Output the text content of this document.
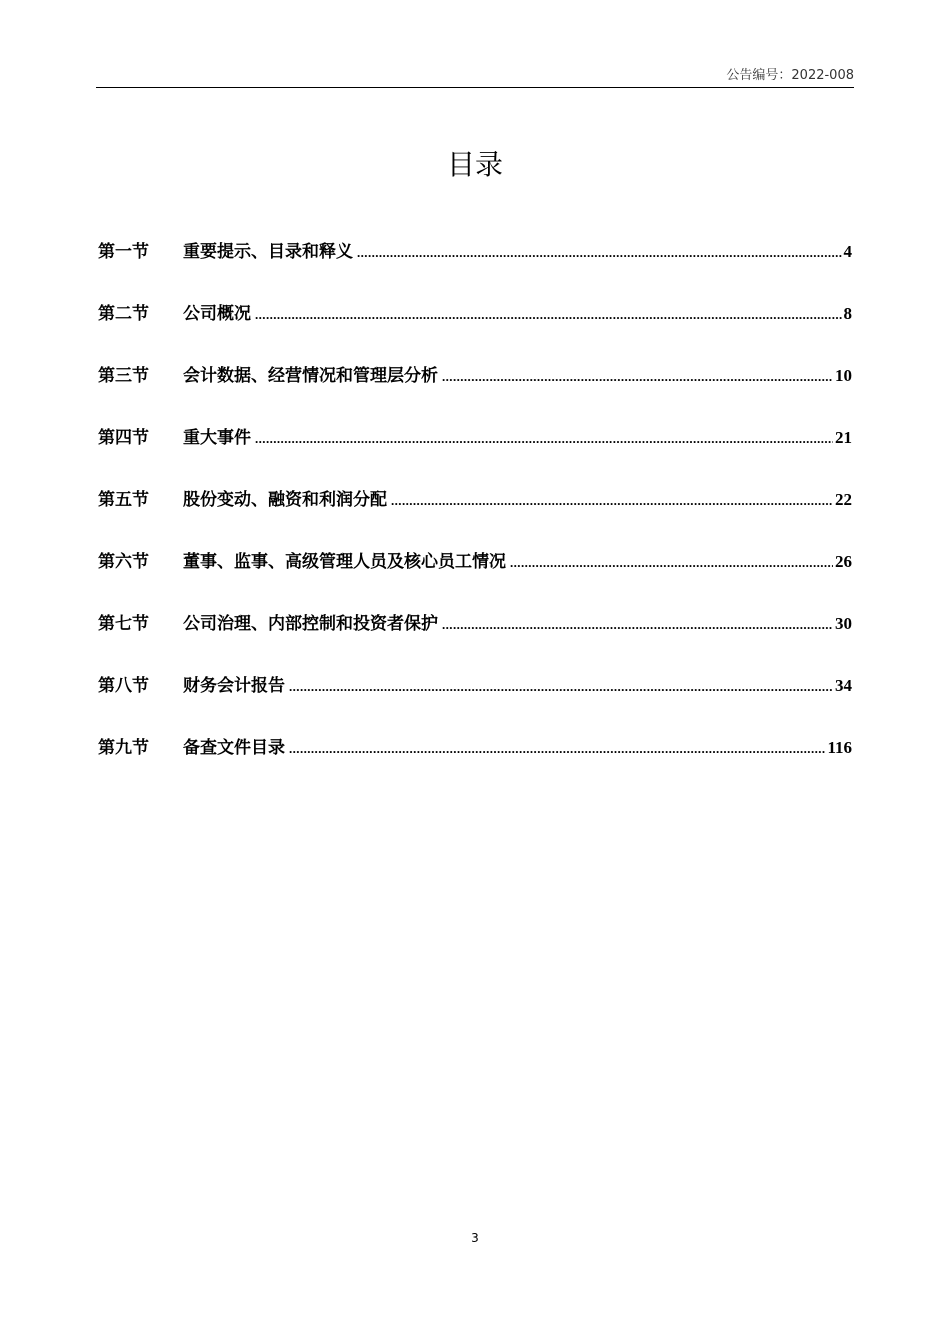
公告编号：2022-008
目录
第一节	重要提示、目录和释义 .....	4
第二节	公司概况 .....	8
第三节	会计数据、经营情况和管理层分析 .....	10
第四节	重大事件 .....	21
第五节	股份变动、融资和利润分配 .....	22
第六节	董事、监事、高级管理人员及核心员工情况 .....	26
第七节	公司治理、内部控制和投资者保护 .....	30
第八节	财务会计报告 .....	34
第九节	备查文件目录 .....	116
3
